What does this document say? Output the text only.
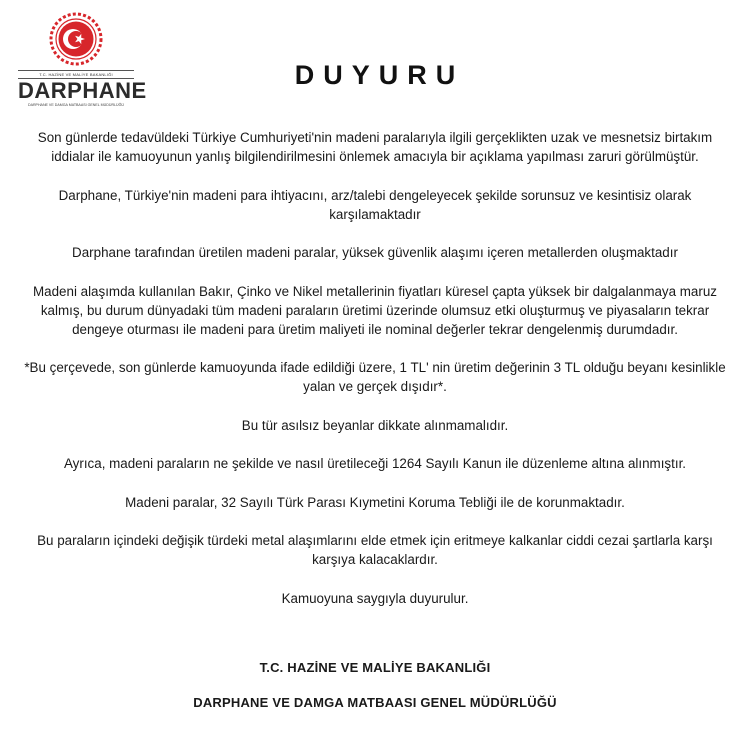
T.C. HAZİNE VE MALİYE BAKANLIĞI
DARPHANE
DARPHANE VE DAMGA MATBAASI GENEL MÜDÜRLÜĞÜ
DUYURU

Son günlerde tedavüldeki Türkiye Cumhuriyeti'nin madeni paralarıyla ilgili gerçeklikten uzak ve mesnetsiz birtakım iddialar ile kamuoyunun yanlış bilgilendirilmesini önlemek amacıyla bir açıklama yapılması zaruri görülmüştür.

Darphane, Türkiye'nin madeni para ihtiyacını, arz/talebi dengeleyecek şekilde sorunsuz ve kesintisiz olarak karşılamaktadır

Darphane tarafından üretilen madeni paralar, yüksek güvenlik alaşımı içeren metallerden oluşmaktadır

Madeni alaşımda kullanılan Bakır, Çinko ve Nikel metallerinin fiyatları küresel çapta yüksek bir dalgalanmaya maruz kalmış, bu durum dünyadaki tüm madeni paraların üretimi üzerinde olumsuz etki oluşturmuş ve piyasaların tekrar dengeye oturması ile madeni para üretim maliyeti ile nominal değerler tekrar dengelenmiş durumdadır.

*Bu çerçevede, son günlerde kamuoyunda ifade edildiği üzere, 1 TL' nin üretim değerinin 3 TL olduğu beyanı kesinlikle yalan ve gerçek dışıdır*.

Bu tür asılsız beyanlar dikkate alınmamalıdır.

Ayrıca, madeni paraların ne şekilde ve nasıl üretileceği 1264 Sayılı Kanun ile düzenleme altına alınmıştır.

Madeni paralar, 32 Sayılı Türk Parası Kıymetini Koruma Tebliği ile de korunmaktadır.

Bu paraların içindeki değişik türdeki metal alaşımlarını elde etmek için eritmeye kalkanlar ciddi cezai şartlarla karşı karşıya kalacaklardır.

Kamuoyuna saygıyla duyurulur.

T.C. HAZİNE VE MALİYE BAKANLIĞI
DARPHANE VE DAMGA MATBAASI GENEL MÜDÜRLÜĞÜ
